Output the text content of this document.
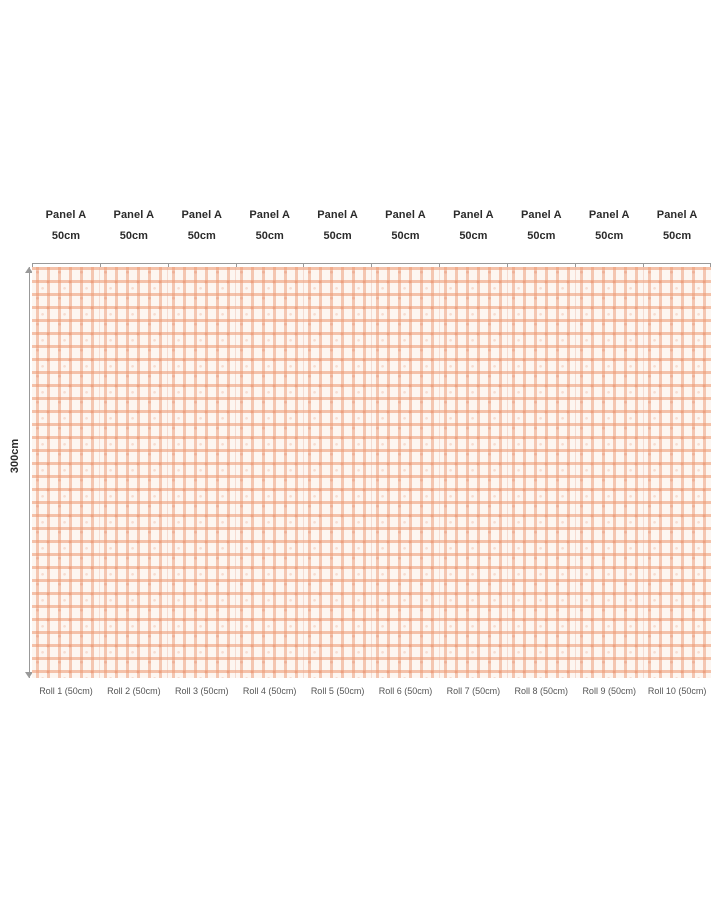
Panel A
50cm
Panel A
50cm
Panel A
50cm
Panel A
50cm
Panel A
50cm
Panel A
50cm
Panel A
50cm
Panel A
50cm
Panel A
50cm
Panel A
50cm
300cm
Roll 1 (50cm)	Roll 2 (50cm)	Roll 3 (50cm)	Roll 4 (50cm)	Roll 5 (50cm)	Roll 6 (50cm)	Roll 7 (50cm)	Roll 8 (50cm)	Roll 9 (50cm)	Roll 10 (50cm)
